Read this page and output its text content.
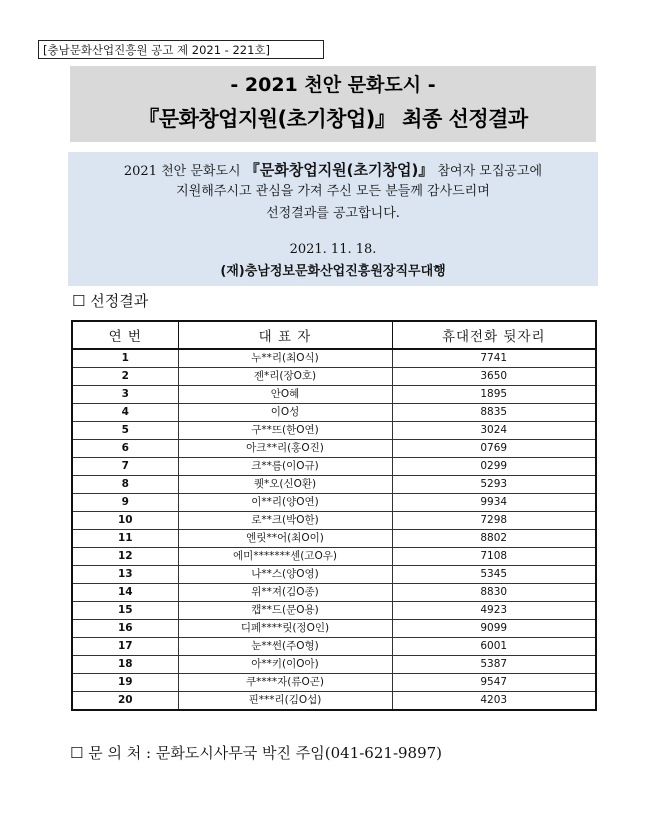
[충남문화산업진흥원 공고 제 2021 - 221호]
- 2021 천안 문화도시 -
『문화창업지원(초기창업)』 최종 선정결과
2021 천안 문화도시 『문화창업지원(초기창업)』 참여자 모집공고에
지원해주시고 관심을 가져 주신 모든 분들께 감사드리며
선정결과를 공고합니다.
2021. 11. 18.
(재)충남정보문화산업진흥원장직무대행
☐ 선정결과
연 번	대 표 자	휴대전화 뒷자리
1	누**리(최O식)	7741
2	젠*리(장O호)	3650
3	안O혜	1895
4	이O성	8835
5	구**뜨(한O연)	3024
6	아크**리(홍O진)	0769
7	크**름(이O규)	0299
8	퀫*오(신O환)	5293
9	이**리(양O연)	9934
10	로**크(박O한)	7298
11	엔릿**어(최O이)	8802
12	에미*******센(고O우)	7108
13	나**스(양O영)	5345
14	위**져(김O종)	8830
15	캡**드(문O용)	4923
16	디페****릿(정O인)	9099
17	눈**썬(주O형)	6001
18	아**키(이O아)	5387
19	쿠****자(류O곤)	9547
20	핀***리(김O섭)	4203
☐ 문 의 처 : 문화도시사무국 박진 주임(041-621-9897)
